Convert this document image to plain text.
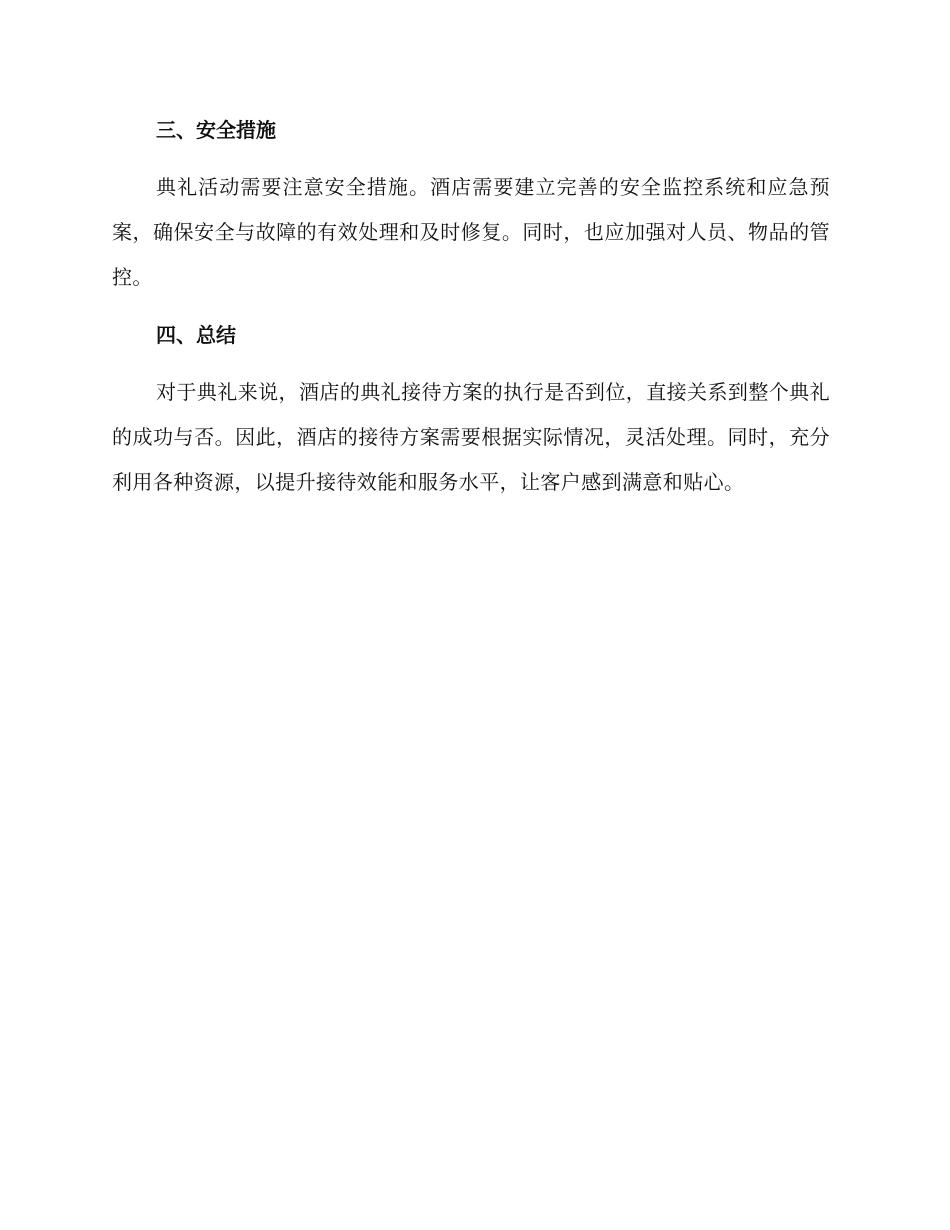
三、安全措施

典礼活动需要注意安全措施。酒店需要建立完善的安全监控系统和应急预案，确保安全与故障的有效处理和及时修复。同时，也应加强对人员、物品的管控。

四、总结

对于典礼来说，酒店的典礼接待方案的执行是否到位，直接关系到整个典礼的成功与否。因此，酒店的接待方案需要根据实际情况，灵活处理。同时，充分利用各种资源，以提升接待效能和服务水平，让客户感到满意和贴心。
